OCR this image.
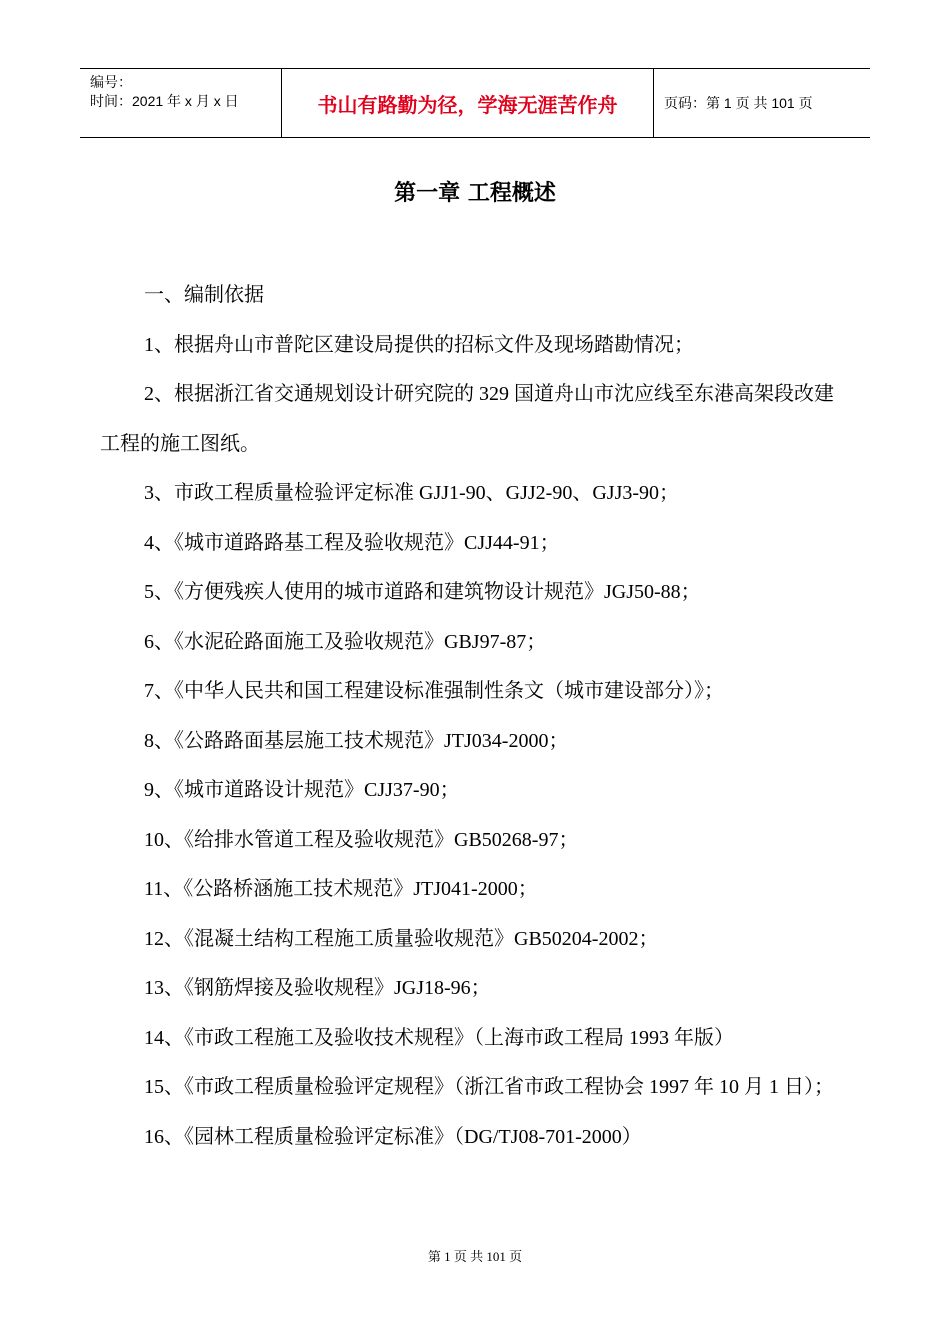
编号：
时间：2021 年 x 月 x 日	书山有路勤为径，学海无涯苦作舟	页码：第 1 页 共 101 页
第一章 工程概述

一、编制依据

1、根据舟山市普陀区建设局提供的招标文件及现场踏勘情况；

2、根据浙江省交通规划设计研究院的 329 国道舟山市沈应线至东港高架段改建工程的施工图纸。

3、市政工程质量检验评定标准 GJJ1-90、GJJ2-90、GJJ3-90；

4、《城市道路路基工程及验收规范》CJJ44-91；

5、《方便残疾人使用的城市道路和建筑物设计规范》JGJ50-88；

6、《水泥砼路面施工及验收规范》GBJ97-87；

7、《中华人民共和国工程建设标准强制性条文（城市建设部分）》；

8、《公路路面基层施工技术规范》JTJ034-2000；

9、《城市道路设计规范》CJJ37-90；

10、《给排水管道工程及验收规范》GB50268-97；

11、《公路桥涵施工技术规范》JTJ041-2000；

12、《混凝土结构工程施工质量验收规范》GB50204-2002；

13、《钢筋焊接及验收规程》JGJ18-96；

14、《市政工程施工及验收技术规程》（上海市政工程局 1993 年版）

15、《市政工程质量检验评定规程》（浙江省市政工程协会 1997 年 10 月 1 日）；

16、《园林工程质量检验评定标准》（DG/TJ08-701-2000）

第 1 页 共 101 页
